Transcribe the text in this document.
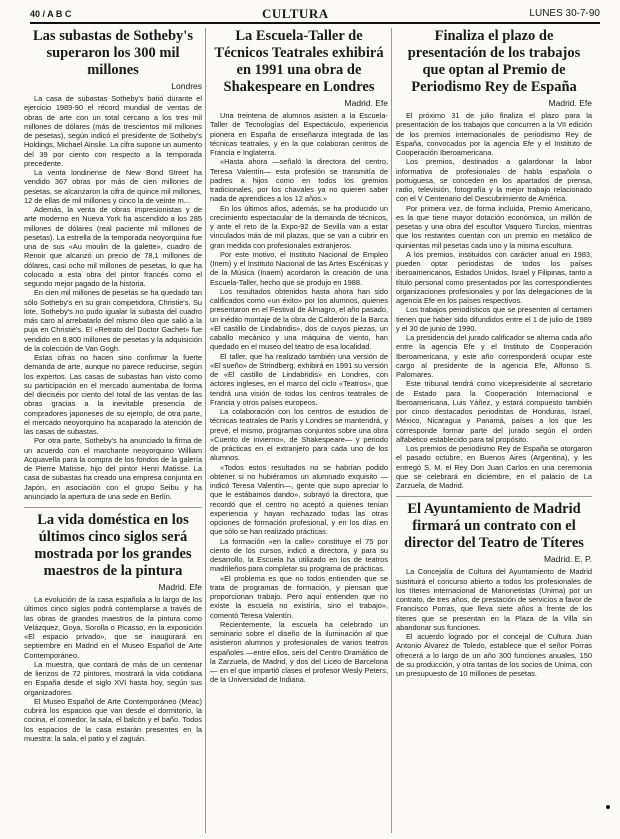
40 / A B C	CULTURA	LUNES 30-7-90
Las subastas de Sotheby's superaron los 300 mil millones
Londres

La casa de subastas Sotheby's batió durante el ejercicio 1989-90 el récord mundial de ventas de obras de arte con un total cercano a los tres mil millones de dólares (más de trescientos mil millones de pesetas), según indicó el presidente de Sotheby's Holdings, Michael Ainslie. La cifra supone un aumento del 39 por ciento con respecto a la temporada precedente.

La venta londinense de New Bond Street ha vendido 367 obras por más de cien millones de pesetas, se alcanzaron la cifra de quince mil millones, 12 de ellas de mil millones y cinco la de veinte m...

Además, la venta de obras impresionistas y de arte moderno en Nueva York ha ascendido a los 285 millones de dólares (real paciente mil millones de pesetas). La estrella de la temporada neoyorquina fue una de sus «Au moulin de la galette», cuadro de Renoir que alcanzó un precio de 78,1 millones de dólares, casi ocho mil millones de pesetas, lo que ha colocado a esta obra del pintor francés como el segundo mejor pagado de la historia.

En cien mil millones de pesetas se ha quedado tan sólo Sotheby's en su gran competidora, Christie's. Su lote, Sotheby's no pudo igualar la subasta del cuadro más caro al arrebatarlo del mismo óleo que salió a la puja en Christie's. El «Retrato del Doctor Gachet» fue vendido en 8.800 millones de pesetas y la adquisición de la colección de Van Gogh.

Estas cifras no hacen sino confirmar la fuerte demanda de arte, aunque no parece reducirse, según los expertos. Las casas de subastas han visto como su participación en el mercado aumentaba de forma del dieciséis por ciento del total de las ventas de las obras gracias a la inevitable presencia de compradores japoneses de su ejemplo, de otra parte, el mercado neoyorquino ha acaparado la atención de las casas de subastas.

Por otra parte, Sotheby's ha anunciado la firma de un acuerdo con el marchante neoyorquino William Acquavella para la compra de los fondos de la galería de Pierre Matisse, hijo del pintor Henri Matisse. La casa de subastas ha creado una empresa conjunta en Japón, en asociación con el grupo Seibu y ha anunciado la apertura de una sede en Berlín.

La vida doméstica en los últimos cinco siglos será mostrada por los grandes maestros de la pintura
Madrid. Efe

La evolución de la casa española a lo largo de los últimos cinco siglos podrá contemplarse a través de las obras de grandes maestros de la pintura como Velázquez, Goya, Sorolla o Picasso, en la exposición «El espacio privado», que se inaugurará en septiembre en Madrid en el Museo Español de Arte Contemporáneo.

La muestra, que contará de más de un centenar de lienzos de 72 pintores, mostrará la vida cotidiana en España desde el siglo XVI hasta hoy, según sus organizadores.

El Museo Español de Arte Contemporáneo (Meac) cubrirá los espacios que van desde el dormitorio, la cocina, el comedor, la sala, el balcón y el baño. Todos los espacios de la casa estarán presentes en la muestra: la sala, el patio y el zaguán.

La Escuela-Taller de Técnicos Teatrales exhibirá en 1991 una obra de Shakespeare en Londres
Madrid. Efe

Una treintena de alumnos asisten a la Escuela-Taller de Tecnologías del Espectáculo, experiencia pionera en España de enseñanza integrada de las técnicas teatrales, y en la que colaboran centros de Francia e Inglaterra.

«Hasta ahora —señaló la directora del centro, Teresa Valentín— esta profesión se transmitía de padres a hijos como en todos los gremios tradicionales, por los chavales ya no quieren saber nada de aprendices a los 12 años.»

En los últimos años, además, se ha producido un crecimiento espectacular de la demanda de técnicos, y ante el reto de la Expo-92 de Sevilla van a estar vinculados más de mil plazas, que se van a cubrir en gran medida con profesionales extranjeros.

Por este motivo, el Instituto Nacional de Empleo (Inem) y el Instituto Nacional de las Artes Escénicas y de la Música (Inaem) acordaron la creación de una Escuela-Taller, hecho que se produjo en 1988.

Los resultados obtenidos hasta ahora han sido calificados como «un éxito» por los alumnos, quienes presentaron en el Festival de Almagro, el año pasado, un inédito montaje de la obra de Calderón de la Barca «El castillo de Lindabridis», dos de cuyos piezas, un caballo mecánico y una máquina de viento, han quedado en el museo del teatro de esa localidad.

El taller, que ha realizado también una versión de «El sueño» de Strindberg, exhibirá en 1991 su versión de «El castillo de Lindabridis» en Londres, con actores ingleses, en el marco del ciclo «Teatros», que tendrá una visión de todos los centros teatrales de Francia y otros países europeos.

La colaboración con los centros de estudios de técnicas teatrales de París y Londres se mantendrá, y prevé, el mismo, programas conjuntos sobre una obra «Cuento de invierno», de Shakespeare— y periodo de prácticas en el extranjero para cada uno de los alumnos.

«Todos estos resultados no se habrían podido obtener si no hubiéramos un alumnado exquisito —indicó Teresa Valentín—, gente que supo apreciar lo que le estábamos dando», subrayó la directora, que recordó que el centro no aceptó a quienes tenían experiencia y hayan rechazado todas las otras opciones de formación profesional, y en los días en que sólo se han realizado prácticas.

La formación «en la calle» constituye el 75 por ciento de los cursos, indicó a directora, y para su desarrollo, la Escuela ha utilizado en los de teatros madrileños para completar su programa de prácticas.

«El problema es que no todos entienden que se trata de programas de formación, y piensan que proporcionan trabajo. Pero aquí entienden que no existe la escuela no existiría, sino el trabajo», comentó Teresa Valentín.

Recientemente, la escuela ha celebrado un seminario sobre el diseño de la iluminación al que asistieron alumnos y profesionales de varios teatros españoles —entre ellos, seis del Centro Dramático de la Zarzuela, de Madrid, y dos del Liceo de Barcelona— en el que impartió clases el profesor Wesly Peters, de la Universidad de Indiana.

Finaliza el plazo de presentación de los trabajos que optan al Premio de Periodismo Rey de España
Madrid. Efe

El próximo 31 de julio finaliza el plazo para la presentación de los trabajos que concurren a la VII edición de los premios internacionales de periodismo Rey de España, convocados por la agencia Efe y el Instituto de Cooperación Iberoamericana.

Los premios, destinados a galardonar la labor informativa de profesionales de habla española o portuguesa, se conceden en los apartados de prensa, radio, televisión, fotografía y la mejor trabajo relacionado con el V Centenario del Descubrimiento de América.

Por primera vez, de forma incluida, Premio Americano, es la que tiene mayor dotación económica, un millón de pesetas y una obra del escultor Vaquero Turcios, mientras que los restantes cuentan con un premio en metálico de quinientas mil pesetas cada uno y la misma escultura.

A los premios, instituidos con carácter anual en 1983, pueden optar periodistas de todos los países iberoamericanos, Estados Unidos, Israel y Filipinas, tanto a título personal como presentados por las correspondientes organizaciones profesionales y por las delegaciones de la agencia Efe en los países respectivos.

Los trabajos periodísticos que se presenten al certamen tienen que haber sido difundidos entre el 1 de julio de 1989 y el 30 de junio de 1990.

La presidencia del jurado calificador se alterna cada año entre la agencia Efe y el Instituto de Cooperación Iberoamericana, y este año corresponderá ocupar este cargo al presidente de la agencia Efe, Alfonso S. Palomares.

Este tribunal tendrá como vicepresidente al secretario de Estado para la Cooperación Internacional e Iberoamericana, Luis Yáñez, y estará compuesto también por cinco destacados periodistas de Honduras, Israel, México, Nicaragua y Panamá, países a los que les corresponde formar parte del jurado según el orden alfabético establecido para tal propósito.

Los premios de periodismo Rey de España se otorgaron el pasado octubre, en Buenos Aires (Argentina), y les entregó S. M. el Rey Don Juan Carlos en una ceremonia que se celebrará en diciembre, en el palacio de La Zarzuela, de Madrid.

El Ayuntamiento de Madrid firmará un contrato con el director del Teatro de Títeres
Madrid. E. P.

La Concejalía de Cultura del Ayuntamiento de Madrid sustituirá el concurso abierto a todos los profesionales de los títeres internacional de Marionetistas (Unima) por un contrato, de tres años, de prestación de servicios a favor de Francisco Porras, que lleva siete años a frente de los títeres que se presentan en la Plaza de la Villa sin abandonar sus funciones.

El acuerdo logrado por el concejal de Cultura Juan Antonio Álvarez de Toledo, establece que el señor Porras ofrecerá a lo largo de un año 300 funciones anuales, 150 de su producción, y otra tantas de los socios de Unima, con un presupuesto de 10 millones de pesetas.
